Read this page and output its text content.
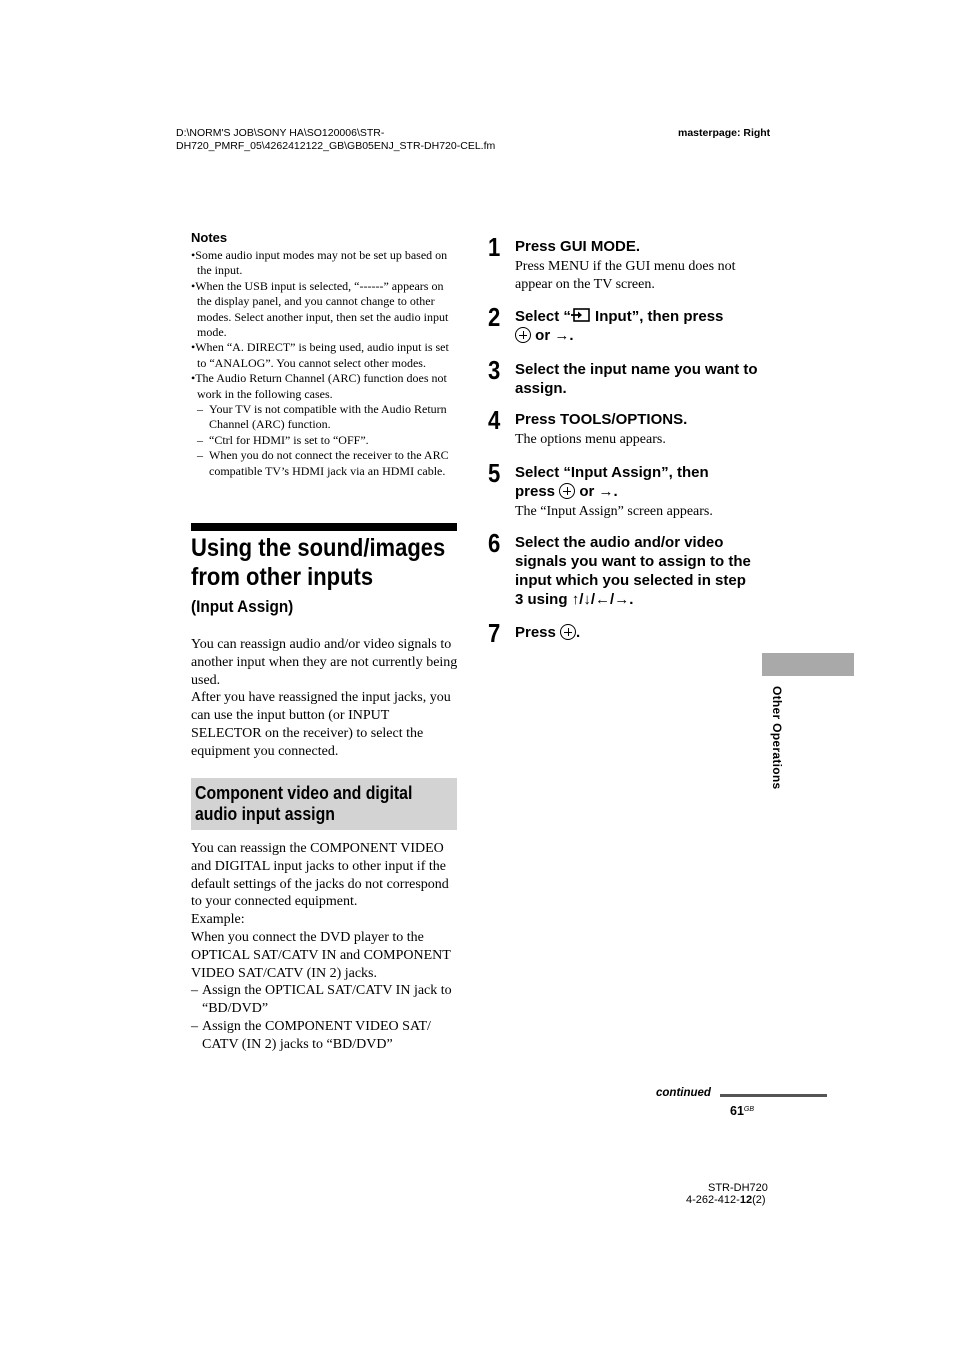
D:\NORM'S JOB\SONY HA\SO120006\STR-
DH720_PMRF_05\4262412122_GB\GB05ENJ_STR-DH720-CEL.fm
masterpage: Right
Notes
• Some audio input modes may not be set up based on the input.
• When the USB input is selected, “------” appears on the display panel, and you cannot change to other modes. Select another input, then set the audio input mode.
• When “A. DIRECT” is being used, audio input is set to “ANALOG”. You cannot select other modes.
• The Audio Return Channel (ARC) function does not work in the following cases.
– Your TV is not compatible with the Audio Return Channel (ARC) function.
– “Ctrl for HDMI” is set to “OFF”.
– When you do not connect the receiver to the ARC compatible TV’s HDMI jack via an HDMI cable.
Using the sound/images
from other inputs
(Input Assign)
You can reassign audio and/or video signals to another input when they are not currently being used.
After you have reassigned the input jacks, you can use the input button (or INPUT SELECTOR on the receiver) to select the equipment you connected.
Component video and digital
audio input assign
You can reassign the COMPONENT VIDEO and DIGITAL input jacks to other input if the default settings of the jacks do not correspond to your connected equipment.
Example:
When you connect the DVD player to the OPTICAL SAT/CATV IN and COMPONENT VIDEO SAT/CATV (IN 2) jacks.
– Assign the OPTICAL SAT/CATV IN jack to “BD/DVD”
– Assign the COMPONENT VIDEO SAT/ CATV (IN 2) jacks to “BD/DVD”
1 Press GUI MODE.
Press MENU if the GUI menu does not appear on the TV screen.
2 Select “ Input”, then press
or →.
3 Select the input name you want to assign.
4 Press TOOLS/OPTIONS.
The options menu appears.
5 Select “Input Assign”, then
press or →.
The “Input Assign” screen appears.
6 Select the audio and/or video signals you want to assign to the input which you selected in step 3 using ↑/↓/←/→.
7 Press .
Other Operations
continued
$61^{GB}$
STR-DH720
4-262-412-12(2)
